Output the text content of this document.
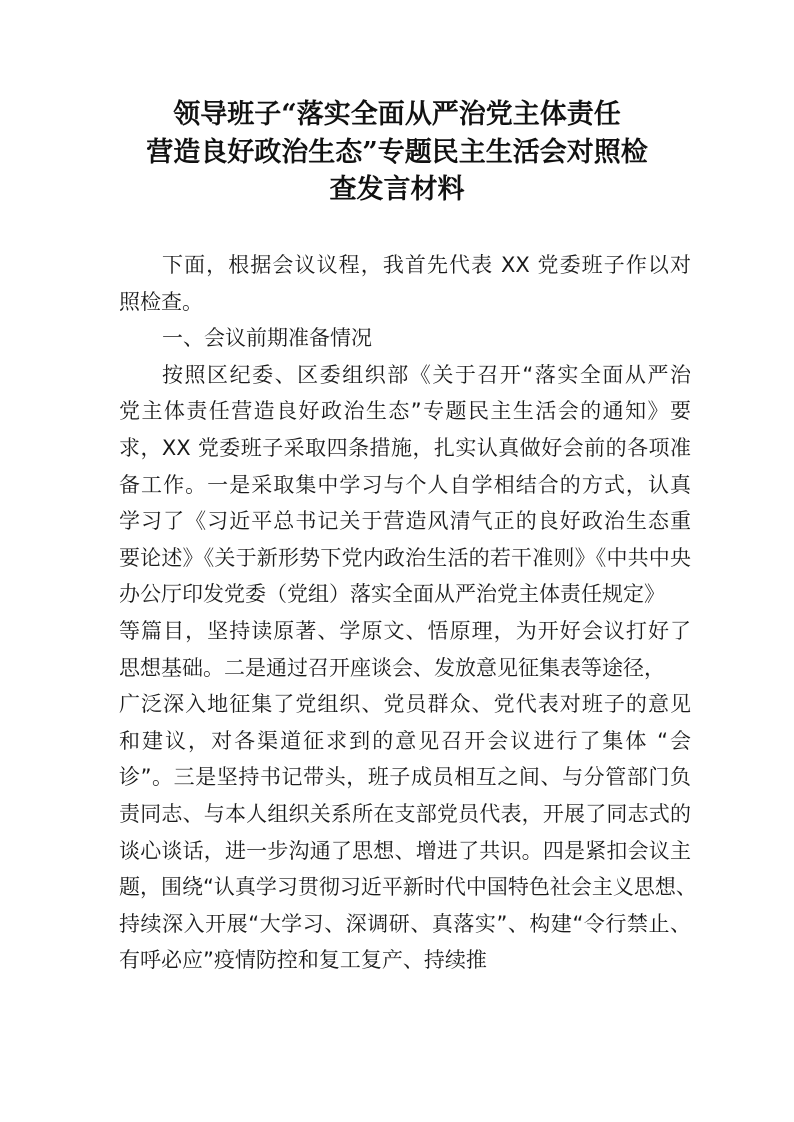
领导班子“落实全面从严治党主体责任
营造良好政治生态”专题民主生活会对照检
查发言材料
下面，根据会议议程，我首先代表 XX 党委班子作以对
照检查。
一、会议前期准备情况
按照区纪委、区委组织部《关于召开“落实全面从严治
党主体责任营造良好政治生态”专题民主生活会的通知》要
求，XX 党委班子采取四条措施，扎实认真做好会前的各项准
备工作。一是采取集中学习与个人自学相结合的方式，认真
学习了《习近平总书记关于营造风清气正的良好政治生态重
要论述》《关于新形势下党内政治生活的若干准则》《中共中央
办公厅印发党委（党组）落实全面从严治党主体责任规定》
等篇目，坚持读原著、学原文、悟原理，为开好会议打好了
思想基础。二是通过召开座谈会、发放意见征集表等途径，
广泛深入地征集了党组织、党员群众、党代表对班子的意见
和建议，对各渠道征求到的意见召开会议进行了集体 “会
诊”。三是坚持书记带头，班子成员相互之间、与分管部门负
责同志、与本人组织关系所在支部党员代表，开展了同志式的
谈心谈话，进一步沟通了思想、增进了共识。四是紧扣会议主
题，围绕“认真学习贯彻习近平新时代中国特色社会主义思想、
持续深入开展“大学习、深调研、真落实”、构建“令行禁止、
有呼必应”疫情防控和复工复产、持续推
